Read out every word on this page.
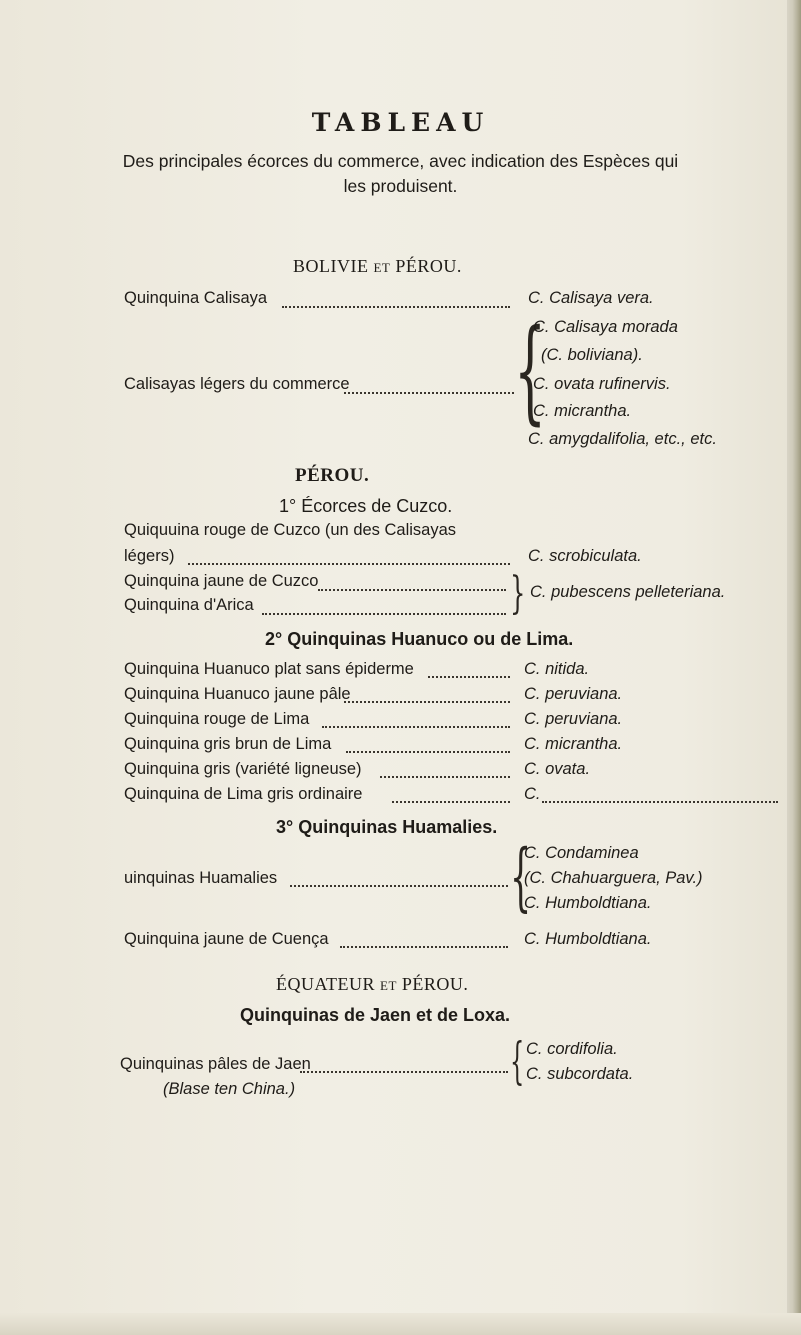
TABLEAU
Des principales écorces du commerce, avec indication des Espèces qui
les produisent.
BOLIVIE ET PÉROU.
Quinquina Calisaya	C. Calisaya vera.
Calisayas légers du commerce {
C. Calisaya morada
(C. boliviana).
C. ovata rufinervis.
C. micrantha.
C. amygdalifolia, etc., etc.
PÉROU.
1° Écorces de Cuzco.
Quiquuina rouge de Cuzco (un des Calisayas
légers)	C. scrobiculata.
Quinquina jaune de Cuzco
Quinquina d'Arica	} C. pubescens pelleteriana.
2° Quinquinas Huanuco ou de Lima.
Quinquina Huanuco plat sans épiderme	C. nitida.
Quinquina Huanuco jaune pâle	C. peruviana.
Quinquina rouge de Lima	C. peruviana.
Quinquina gris brun de Lima	C. micrantha.
Quinquina gris (variété ligneuse)	C. ovata.
Quinquina de Lima gris ordinaire	C.
3° Quinquinas Huamalies.
uinquinas Huamalies	{
C. Condaminea
(C. Chahuarguera, Pav.)
C. Humboldtiana.
Quinquina jaune de Cuença	C. Humboldtiana.
ÉQUATEUR ET PÉROU.
Quinquinas de Jaen et de Loxa.
Quinquinas pâles de Jaen
(Blase ten China.)	{ C. cordifolia.
C. subcordata.
